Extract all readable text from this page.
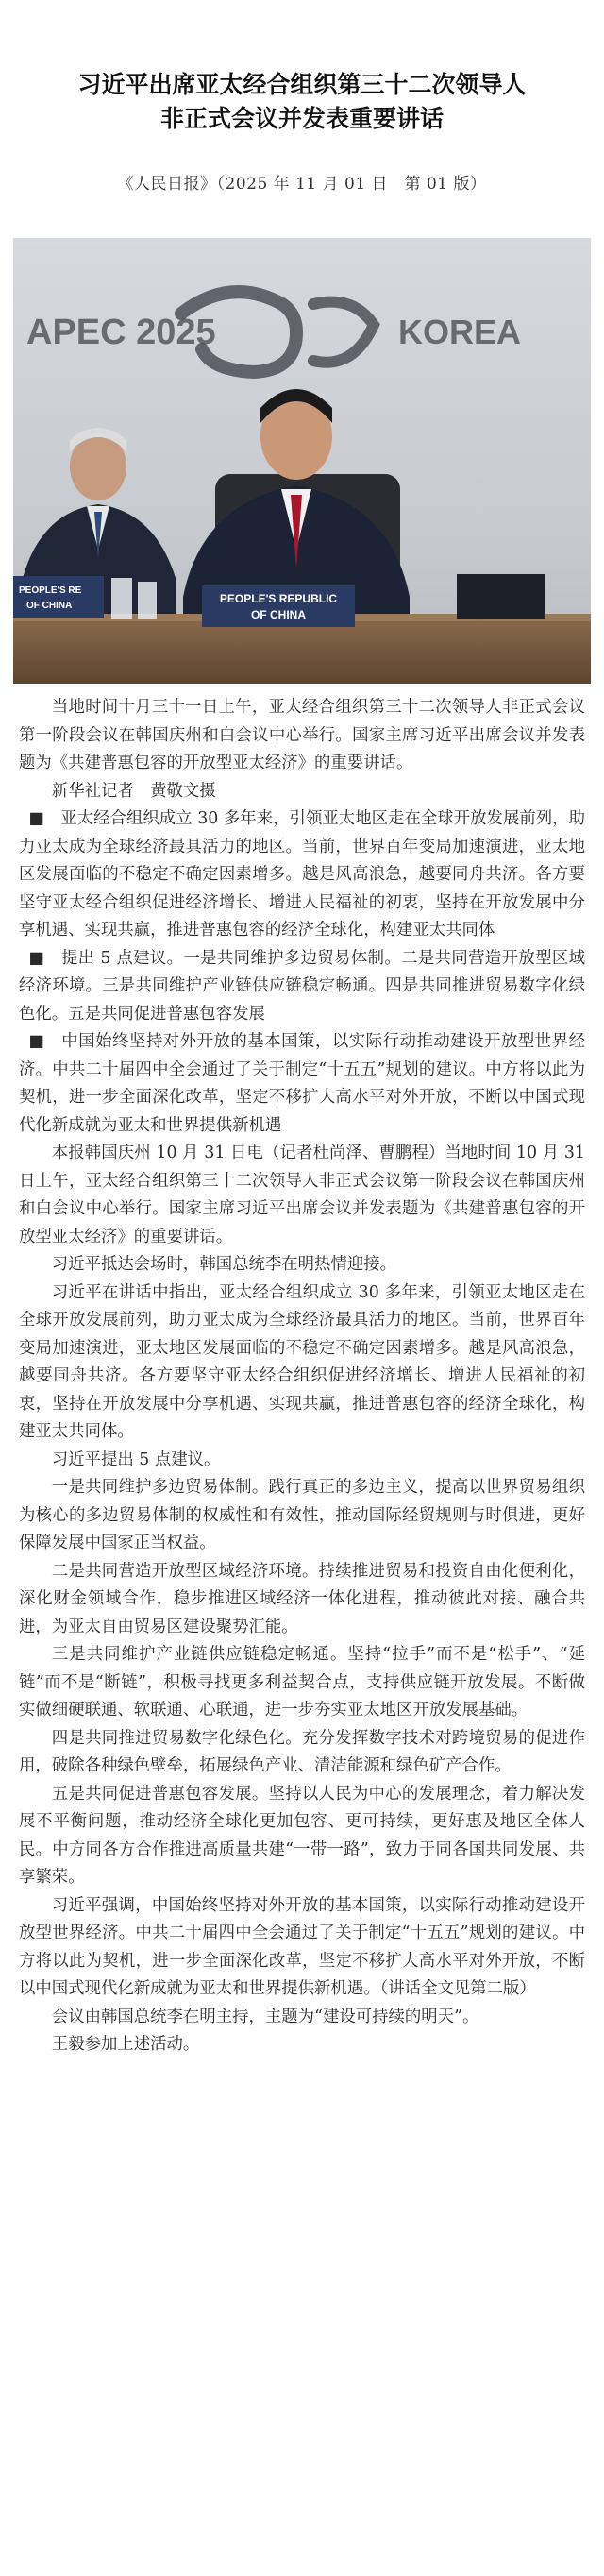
习近平出席亚太经合组织第三十二次领导人
非正式会议并发表重要讲话
《人民日报》（2025 年 11 月 01 日　第 01 版）
APEC 2025	KOREA
PEOPLE'S RE
OF CHINA
PEOPLE'S REPUBLIC
OF CHINA

当地时间十月三十一日上午，亚太经合组织第三十二次领导人非正式会议第一阶段会议在韩国庆州和白会议中心举行。国家主席习近平出席会议并发表题为《共建普惠包容的开放型亚太经济》的重要讲话。

新华社记者　黄敬文摄

■　亚太经合组织成立 30 多年来，引领亚太地区走在全球开放发展前列，助力亚太成为全球经济最具活力的地区。当前，世界百年变局加速演进，亚太地区发展面临的不稳定不确定因素增多。越是风高浪急，越要同舟共济。各方要坚守亚太经合组织促进经济增长、增进人民福祉的初衷，坚持在开放发展中分享机遇、实现共赢，推进普惠包容的经济全球化，构建亚太共同体

■　提出 5 点建议。一是共同维护多边贸易体制。二是共同营造开放型区域经济环境。三是共同维护产业链供应链稳定畅通。四是共同推进贸易数字化绿色化。五是共同促进普惠包容发展

■　中国始终坚持对外开放的基本国策，以实际行动推动建设开放型世界经济。中共二十届四中全会通过了关于制定“十五五”规划的建议。中方将以此为契机，进一步全面深化改革，坚定不移扩大高水平对外开放，不断以中国式现代化新成就为亚太和世界提供新机遇

本报韩国庆州 10 月 31 日电（记者杜尚泽、曹鹏程）当地时间 10 月 31 日上午，亚太经合组织第三十二次领导人非正式会议第一阶段会议在韩国庆州和白会议中心举行。国家主席习近平出席会议并发表题为《共建普惠包容的开放型亚太经济》的重要讲话。

习近平抵达会场时，韩国总统李在明热情迎接。

习近平在讲话中指出，亚太经合组织成立 30 多年来，引领亚太地区走在全球开放发展前列，助力亚太成为全球经济最具活力的地区。当前，世界百年变局加速演进，亚太地区发展面临的不稳定不确定因素增多。越是风高浪急，越要同舟共济。各方要坚守亚太经合组织促进经济增长、增进人民福祉的初衷，坚持在开放发展中分享机遇、实现共赢，推进普惠包容的经济全球化，构建亚太共同体。

习近平提出 5 点建议。

一是共同维护多边贸易体制。践行真正的多边主义，提高以世界贸易组织为核心的多边贸易体制的权威性和有效性，推动国际经贸规则与时俱进，更好保障发展中国家正当权益。

二是共同营造开放型区域经济环境。持续推进贸易和投资自由化便利化，深化财金领域合作，稳步推进区域经济一体化进程，推动彼此对接、融合共进，为亚太自由贸易区建设聚势汇能。

三是共同维护产业链供应链稳定畅通。坚持“拉手”而不是“松手”、“延链”而不是“断链”，积极寻找更多利益契合点，支持供应链开放发展。不断做实做细硬联通、软联通、心联通，进一步夯实亚太地区开放发展基础。

四是共同推进贸易数字化绿色化。充分发挥数字技术对跨境贸易的促进作用，破除各种绿色壁垒，拓展绿色产业、清洁能源和绿色矿产合作。

五是共同促进普惠包容发展。坚持以人民为中心的发展理念，着力解决发展不平衡问题，推动经济全球化更加包容、更可持续，更好惠及地区全体人民。中方同各方合作推进高质量共建“一带一路”，致力于同各国共同发展、共享繁荣。

习近平强调，中国始终坚持对外开放的基本国策，以实际行动推动建设开放型世界经济。中共二十届四中全会通过了关于制定“十五五”规划的建议。中方将以此为契机，进一步全面深化改革，坚定不移扩大高水平对外开放，不断以中国式现代化新成就为亚太和世界提供新机遇。（讲话全文见第二版）

会议由韩国总统李在明主持，主题为“建设可持续的明天”。

王毅参加上述活动。
